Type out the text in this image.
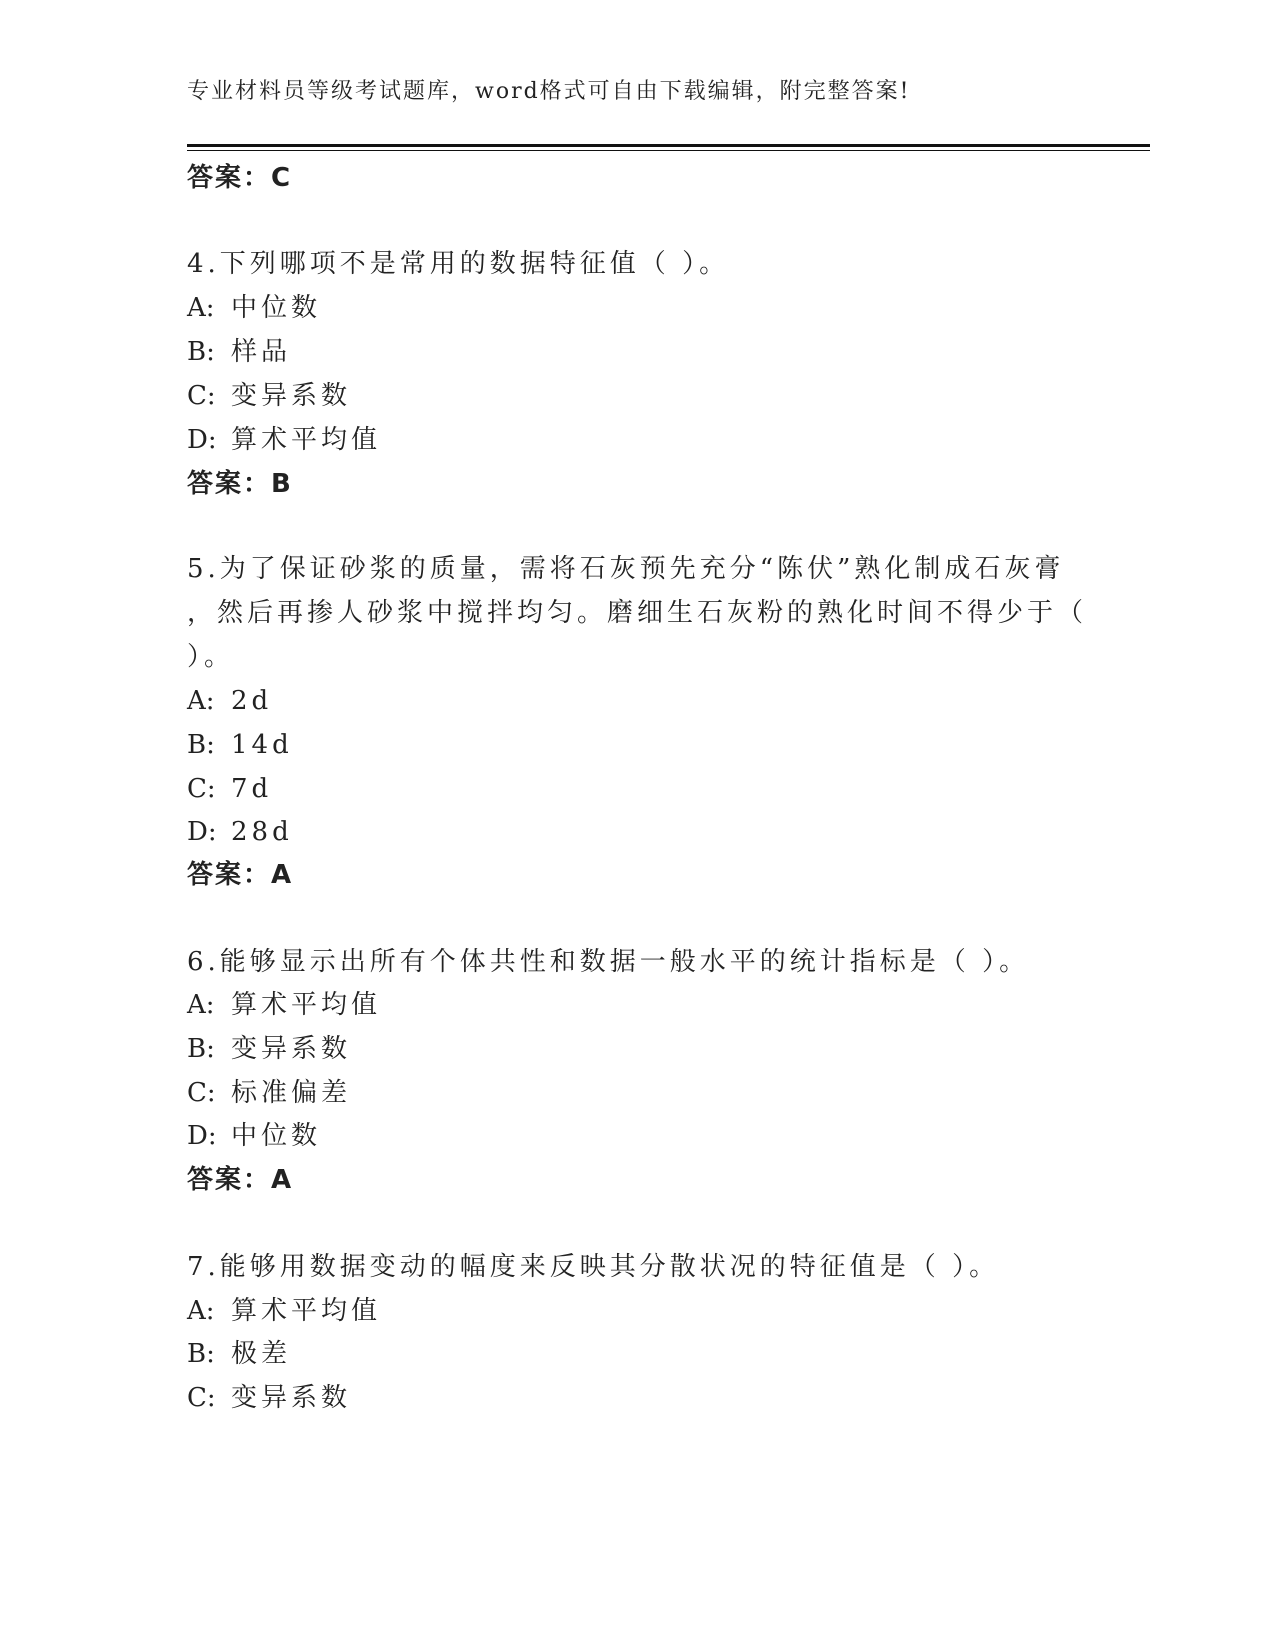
专业材料员等级考试题库，word格式可自由下载编辑，附完整答案!
答案：C
4.下列哪项不是常用的数据特征值（ ）。
A: 中位数
B: 样品
C: 变异系数
D: 算术平均值
答案：B
5.为了保证砂浆的质量，需将石灰预先充分“陈伏”熟化制成石灰膏
，然后再掺人砂浆中搅拌均匀。磨细生石灰粉的熟化时间不得少于（
）。
A: 2d
B: 14d
C: 7d
D: 28d
答案：A
6.能够显示出所有个体共性和数据一般水平的统计指标是（ ）。
A: 算术平均值
B: 变异系数
C: 标准偏差
D: 中位数
答案：A
7.能够用数据变动的幅度来反映其分散状况的特征值是（ ）。
A: 算术平均值
B: 极差
C: 变异系数
